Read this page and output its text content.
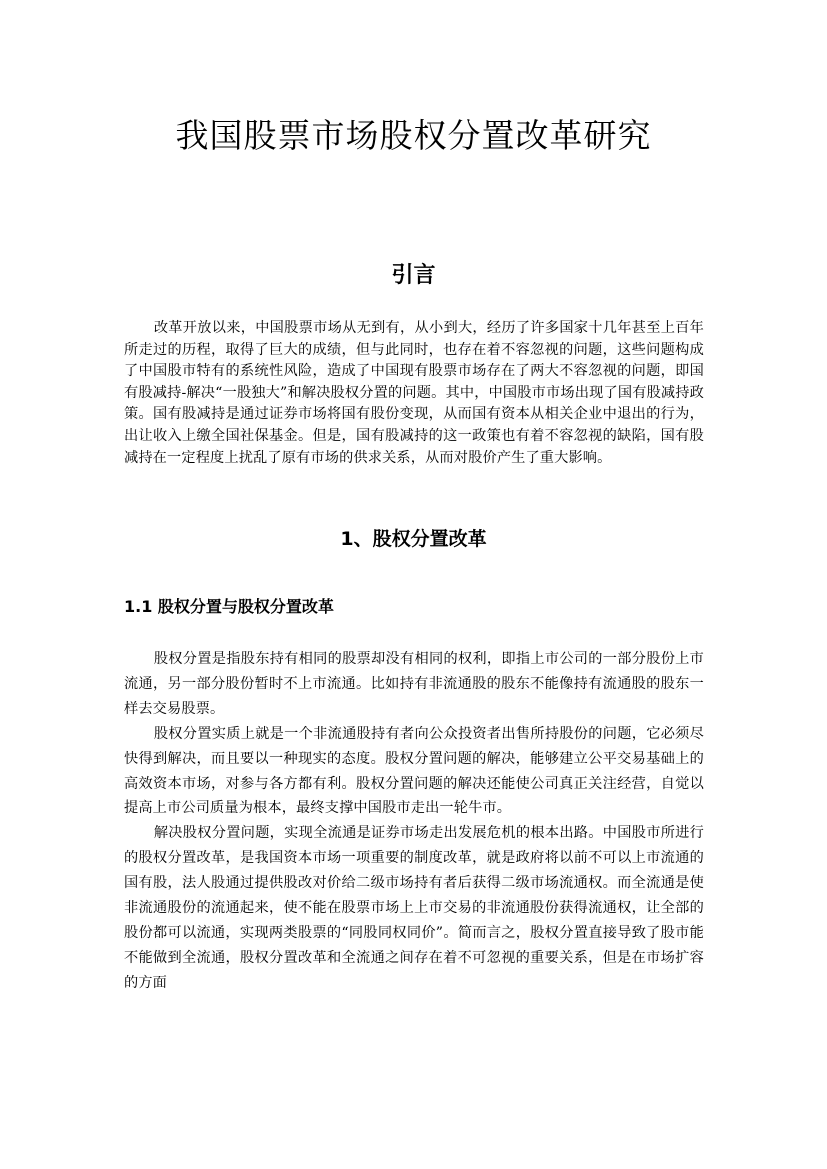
我国股票市场股权分置改革研究
引言

改革开放以来，中国股票市场从无到有，从小到大，经历了许多国家十几年甚至上百年所走过的历程，取得了巨大的成绩，但与此同时，也存在着不容忽视的问题，这些问题构成了中国股市特有的系统性风险，造成了中国现有股票市场存在了两大不容忽视的问题，即国有股减持-解决“一股独大”和解决股权分置的问题。其中，中国股市市场出现了国有股减持政策。国有股减持是通过证券市场将国有股份变现，从而国有资本从相关企业中退出的行为，出让收入上缴全国社保基金。但是，国有股减持的这一政策也有着不容忽视的缺陷，国有股减持在一定程度上扰乱了原有市场的供求关系，从而对股价产生了重大影响。

1、股权分置改革
1.1 股权分置与股权分置改革

股权分置是指股东持有相同的股票却没有相同的权利，即指上市公司的一部分股份上市流通，另一部分股份暂时不上市流通。比如持有非流通股的股东不能像持有流通股的股东一样去交易股票。

股权分置实质上就是一个非流通股持有者向公众投资者出售所持股份的问题，它必须尽快得到解决，而且要以一种现实的态度。股权分置问题的解决，能够建立公平交易基础上的高效资本市场，对参与各方都有利。股权分置问题的解决还能使公司真正关注经营，自觉以提高上市公司质量为根本，最终支撑中国股市走出一轮牛市。

解决股权分置问题，实现全流通是证券市场走出发展危机的根本出路。中国股市所进行的股权分置改革，是我国资本市场一项重要的制度改革，就是政府将以前不可以上市流通的国有股，法人股通过提供股改对价给二级市场持有者后获得二级市场流通权。而全流通是使非流通股份的流通起来，使不能在股票市场上上市交易的非流通股份获得流通权，让全部的股份都可以流通，实现两类股票的“同股同权同价”。简而言之，股权分置直接导致了股市能不能做到全流通，股权分置改革和全流通之间存在着不可忽视的重要关系，但是在市场扩容的方面
